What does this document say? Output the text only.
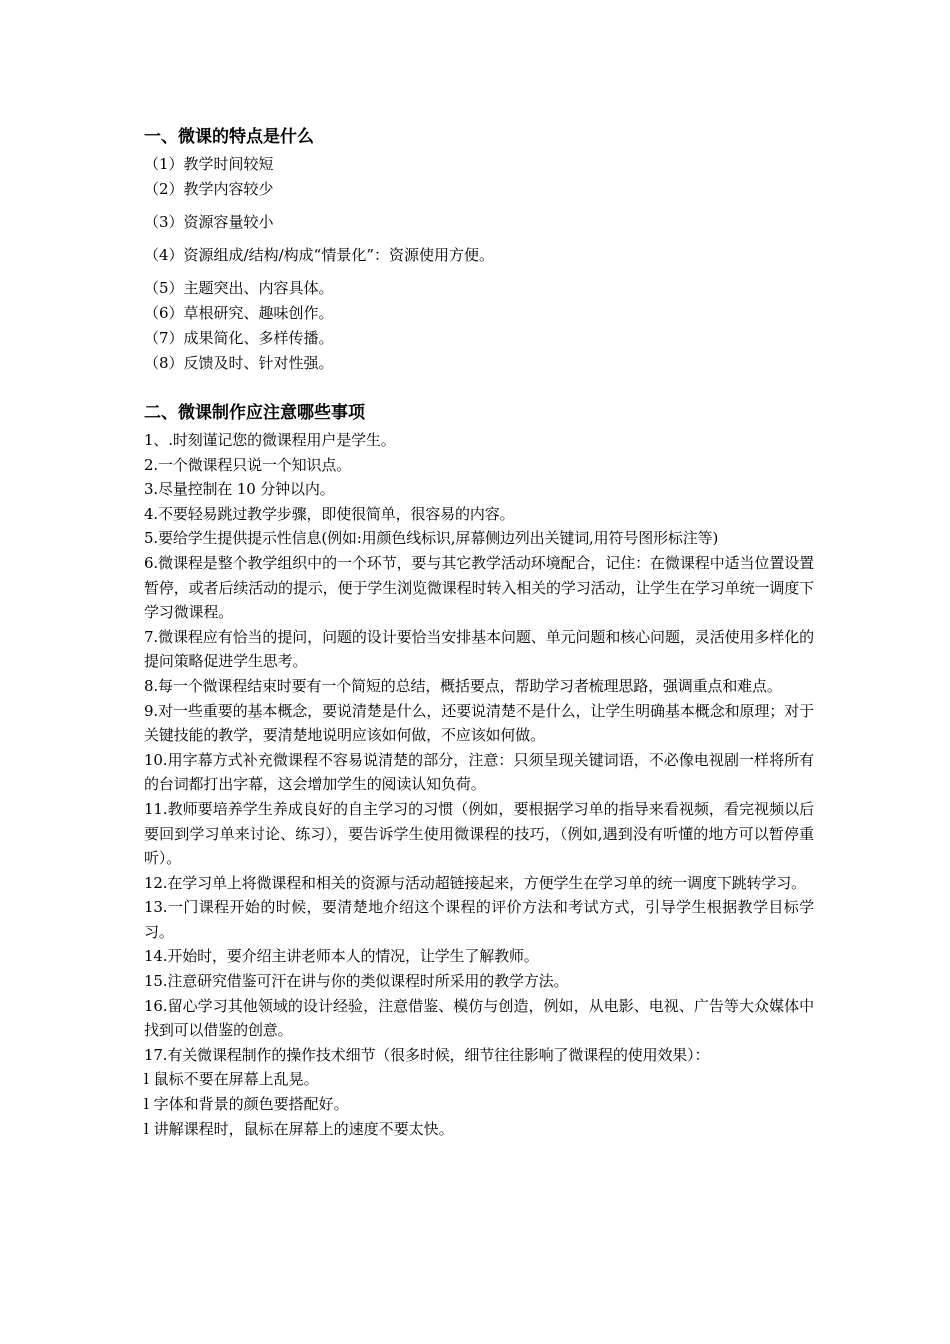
一、微课的特点是什么

（1）教学时间较短

（2）教学内容较少

（3）资源容量较小

（4）资源组成/结构/构成“情景化”：资源使用方便。

（5）主题突出、内容具体。

（6）草根研究、趣味创作。

（7）成果简化、多样传播。

（8）反馈及时、针对性强。

二、微课制作应注意哪些事项

1、.时刻谨记您的微课程用户是学生。

2.一个微课程只说一个知识点。

3.尽量控制在 10 分钟以内。

4.不要轻易跳过教学步骤，即使很简单，很容易的内容。

5.要给学生提供提示性信息(例如:用颜色线标识,屏幕侧边列出关键词,用符号图形标注等)

6.微课程是整个教学组织中的一个环节，要与其它教学活动环境配合，记住：在微课程中适当位置设置暂停，或者后续活动的提示，便于学生浏览微课程时转入相关的学习活动，让学生在学习单统一调度下学习微课程。

7.微课程应有恰当的提问，问题的设计要恰当安排基本问题、单元问题和核心问题，灵活使用多样化的提问策略促进学生思考。

8.每一个微课程结束时要有一个简短的总结，概括要点，帮助学习者梳理思路，强调重点和难点。

9.对一些重要的基本概念，要说清楚是什么，还要说清楚不是什么，让学生明确基本概念和原理；对于关键技能的教学，要清楚地说明应该如何做，不应该如何做。

10.用字幕方式补充微课程不容易说清楚的部分，注意：只须呈现关键词语，不必像电视剧一样将所有的台词都打出字幕，这会增加学生的阅读认知负荷。

11.教师要培养学生养成良好的自主学习的习惯（例如，要根据学习单的指导来看视频，看完视频以后要回到学习单来讨论、练习），要告诉学生使用微课程的技巧，（例如,遇到没有听懂的地方可以暂停重听）。

12.在学习单上将微课程和相关的资源与活动超链接起来，方便学生在学习单的统一调度下跳转学习。

13.一门课程开始的时候，要清楚地介绍这个课程的评价方法和考试方式，引导学生根据教学目标学习。

14.开始时，要介绍主讲老师本人的情况，让学生了解教师。

15.注意研究借鉴可汗在讲与你的类似课程时所采用的教学方法。

16.留心学习其他领域的设计经验，注意借鉴、模仿与创造，例如，从电影、电视、广告等大众媒体中找到可以借鉴的创意。

17.有关微课程制作的操作技术细节（很多时候，细节往往影响了微课程的使用效果）：

l 鼠标不要在屏幕上乱晃。

l 字体和背景的颜色要搭配好。

l 讲解课程时，鼠标在屏幕上的速度不要太快。
